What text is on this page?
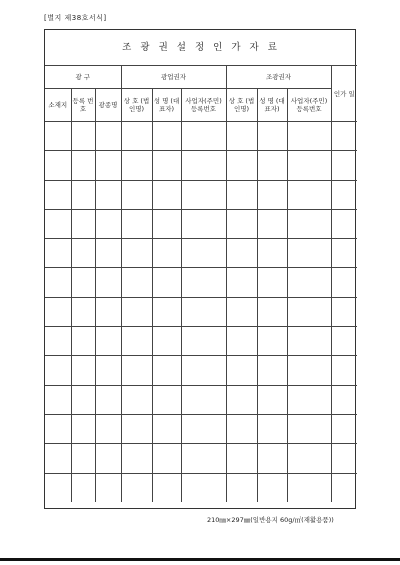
[별지 제38호서식]
조 광 권 설 정 인 가 자 료									
광 구			광업권자			조광권자			인가 일
소재지	등록 번호	광종명	상 호 (법인명)	성 명 (대표자)	사업자(주민) 등록번호	상 호 (법인명)	성 명 (대표자)	사업자(주민) 등록번호	

210㎜×297㎜(일반용지 60g/㎡(재활용품))
